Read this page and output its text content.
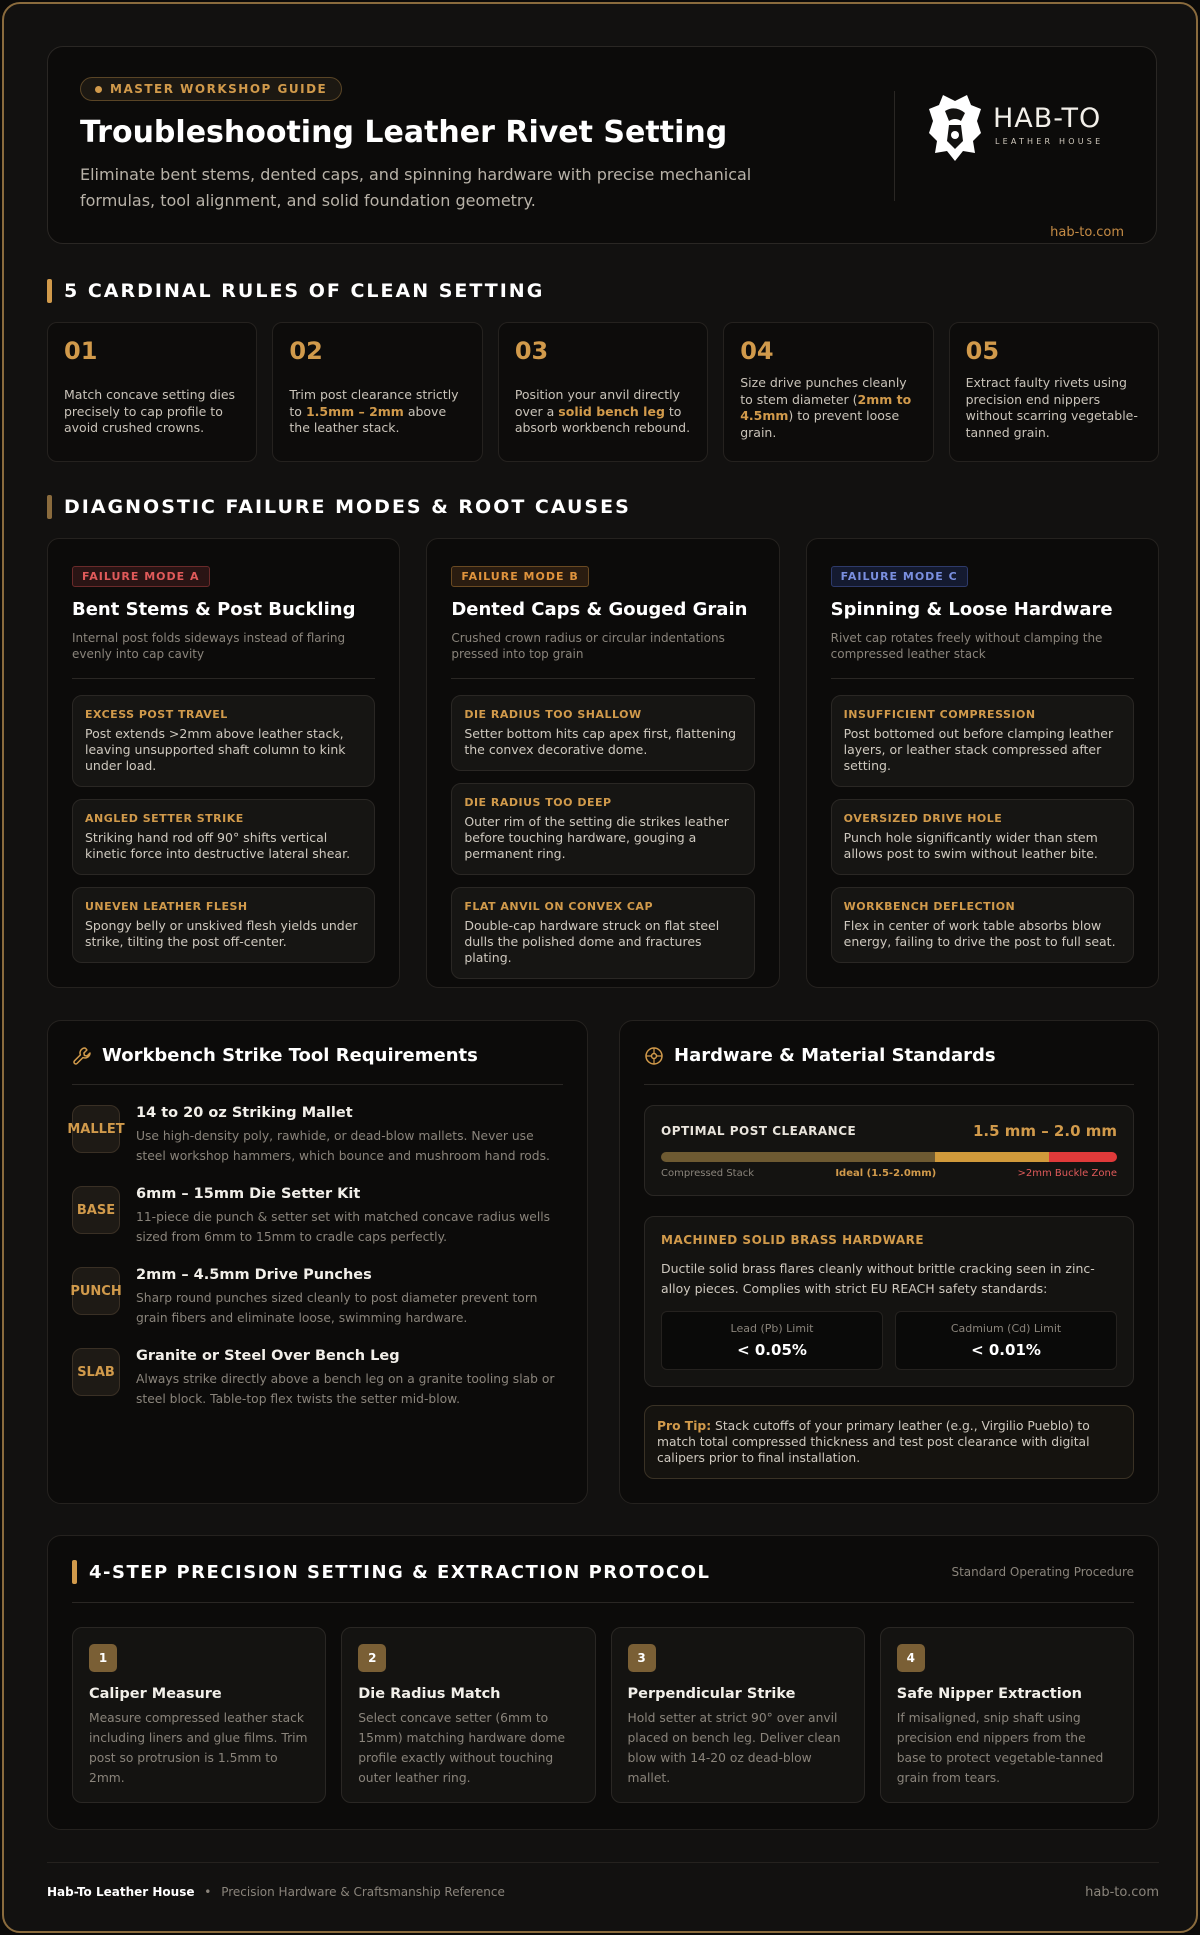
MASTER WORKSHOP GUIDE
Troubleshooting Leather Rivet Setting

Eliminate bent stems, dented caps, and spinning hardware with precise mechanical formulas, tool alignment, and solid foundation geometry.

HAB-TO
LEATHER HOUSE
hab-to.com
5 CARDINAL RULES OF CLEAN SETTING
01
Match concave setting dies precisely to cap profile to avoid crushed crowns.
02
Trim post clearance strictly to 1.5mm – 2mm above the leather stack.
03
Position your anvil directly over a solid bench leg to absorb workbench rebound.
04
Size drive punches cleanly to stem diameter (2mm to 4.5mm) to prevent loose grain.
05
Extract faulty rivets using precision end nippers without scarring vegetable-tanned grain.
DIAGNOSTIC FAILURE MODES & ROOT CAUSES
FAILURE MODE A
Bent Stems & Post Buckling
Internal post folds sideways instead of flaring evenly into cap cavity
EXCESS POST TRAVEL
Post extends >2mm above leather stack, leaving unsupported shaft column to kink under load.
ANGLED SETTER STRIKE
Striking hand rod off 90° shifts vertical kinetic force into destructive lateral shear.
UNEVEN LEATHER FLESH
Spongy belly or unskived flesh yields under strike, tilting the post off-center.
FAILURE MODE B
Dented Caps & Gouged Grain
Crushed crown radius or circular indentations pressed into top grain
DIE RADIUS TOO SHALLOW
Setter bottom hits cap apex first, flattening the convex decorative dome.
DIE RADIUS TOO DEEP
Outer rim of the setting die strikes leather before touching hardware, gouging a permanent ring.
FLAT ANVIL ON CONVEX CAP
Double-cap hardware struck on flat steel dulls the polished dome and fractures plating.
FAILURE MODE C
Spinning & Loose Hardware
Rivet cap rotates freely without clamping the compressed leather stack
INSUFFICIENT COMPRESSION
Post bottomed out before clamping leather layers, or leather stack compressed after setting.
OVERSIZED DRIVE HOLE
Punch hole significantly wider than stem allows post to swim without leather bite.
WORKBENCH DEFLECTION
Flex in center of work table absorbs blow energy, failing to drive the post to full seat.
Workbench Strike Tool Requirements
MALLET
14 to 20 oz Striking Mallet
Use high-density poly, rawhide, or dead-blow mallets. Never use steel workshop hammers, which bounce and mushroom hand rods.
BASE
6mm – 15mm Die Setter Kit
11-piece die punch & setter set with matched concave radius wells sized from 6mm to 15mm to cradle caps perfectly.
PUNCH
2mm – 4.5mm Drive Punches
Sharp round punches sized cleanly to post diameter prevent torn grain fibers and eliminate loose, swimming hardware.
SLAB
Granite or Steel Over Bench Leg
Always strike directly above a bench leg on a granite tooling slab or steel block. Table-top flex twists the setter mid-blow.
Hardware & Material Standards
OPTIMAL POST CLEARANCE	1.5 mm – 2.0 mm
Compressed Stack	Ideal (1.5-2.0mm)	>2mm Buckle Zone
MACHINED SOLID BRASS HARDWARE
Ductile solid brass flares cleanly without brittle cracking seen in zinc-alloy pieces. Complies with strict EU REACH safety standards:
Lead (Pb) Limit
< 0.05%
Cadmium (Cd) Limit
< 0.01%
Pro Tip: Stack cutoffs of your primary leather (e.g., Virgilio Pueblo) to match total compressed thickness and test post clearance with digital calipers prior to final installation.
4-STEP PRECISION SETTING & EXTRACTION PROTOCOL	Standard Operating Procedure
1
Caliper Measure
Measure compressed leather stack including liners and glue films. Trim post so protrusion is 1.5mm to 2mm.
2
Die Radius Match
Select concave setter (6mm to 15mm) matching hardware dome profile exactly without touching outer leather ring.
3
Perpendicular Strike
Hold setter at strict 90° over anvil placed on bench leg. Deliver clean blow with 14-20 oz dead-blow mallet.
4
Safe Nipper Extraction
If misaligned, snip shaft using precision end nippers from the base to protect vegetable-tanned grain from tears.
Hab-To Leather House • Precision Hardware & Craftsmanship Reference	hab-to.com
